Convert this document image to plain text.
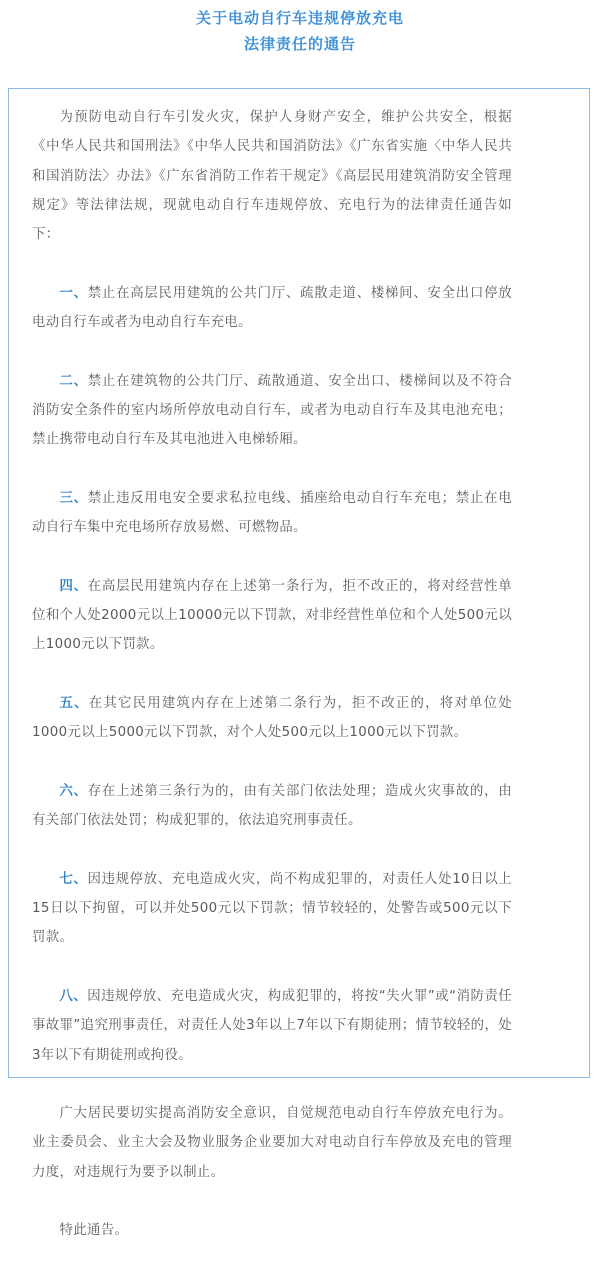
关于电动自行车违规停放充电
法律责任的通告

为预防电动自行车引发火灾，保护人身财产安全，维护公共安全，根据《中华人民共和国刑法》《中华人民共和国消防法》《广东省实施〈中华人民共和国消防法〉办法》《广东省消防工作若干规定》《高层民用建筑消防安全管理规定》等法律法规，现就电动自行车违规停放、充电行为的法律责任通告如下：

一、禁止在高层民用建筑的公共门厅、疏散走道、楼梯间、安全出口停放电动自行车或者为电动自行车充电。

二、禁止在建筑物的公共门厅、疏散通道、安全出口、楼梯间以及不符合消防安全条件的室内场所停放电动自行车，或者为电动自行车及其电池充电；禁止携带电动自行车及其电池进入电梯轿厢。

三、禁止违反用电安全要求私拉电线、插座给电动自行车充电；禁止在电动自行车集中充电场所存放易燃、可燃物品。

四、在高层民用建筑内存在上述第一条行为，拒不改正的，将对经营性单位和个人处2000元以上10000元以下罚款，对非经营性单位和个人处500元以上1000元以下罚款。

五、在其它民用建筑内存在上述第二条行为，拒不改正的，将对单位处1000元以上5000元以下罚款，对个人处500元以上1000元以下罚款。

六、存在上述第三条行为的，由有关部门依法处理；造成火灾事故的，由有关部门依法处罚；构成犯罪的，依法追究刑事责任。

七、因违规停放、充电造成火灾，尚不构成犯罪的，对责任人处10日以上15日以下拘留，可以并处500元以下罚款；情节较轻的，处警告或500元以下罚款。

八、因违规停放、充电造成火灾，构成犯罪的，将按“失火罪”或“消防责任事故罪”追究刑事责任，对责任人处3年以上7年以下有期徒刑；情节较轻的，处3年以下有期徒刑或拘役。

广大居民要切实提高消防安全意识，自觉规范电动自行车停放充电行为。业主委员会、业主大会及物业服务企业要加大对电动自行车停放及充电的管理力度，对违规行为要予以制止。

特此通告。
